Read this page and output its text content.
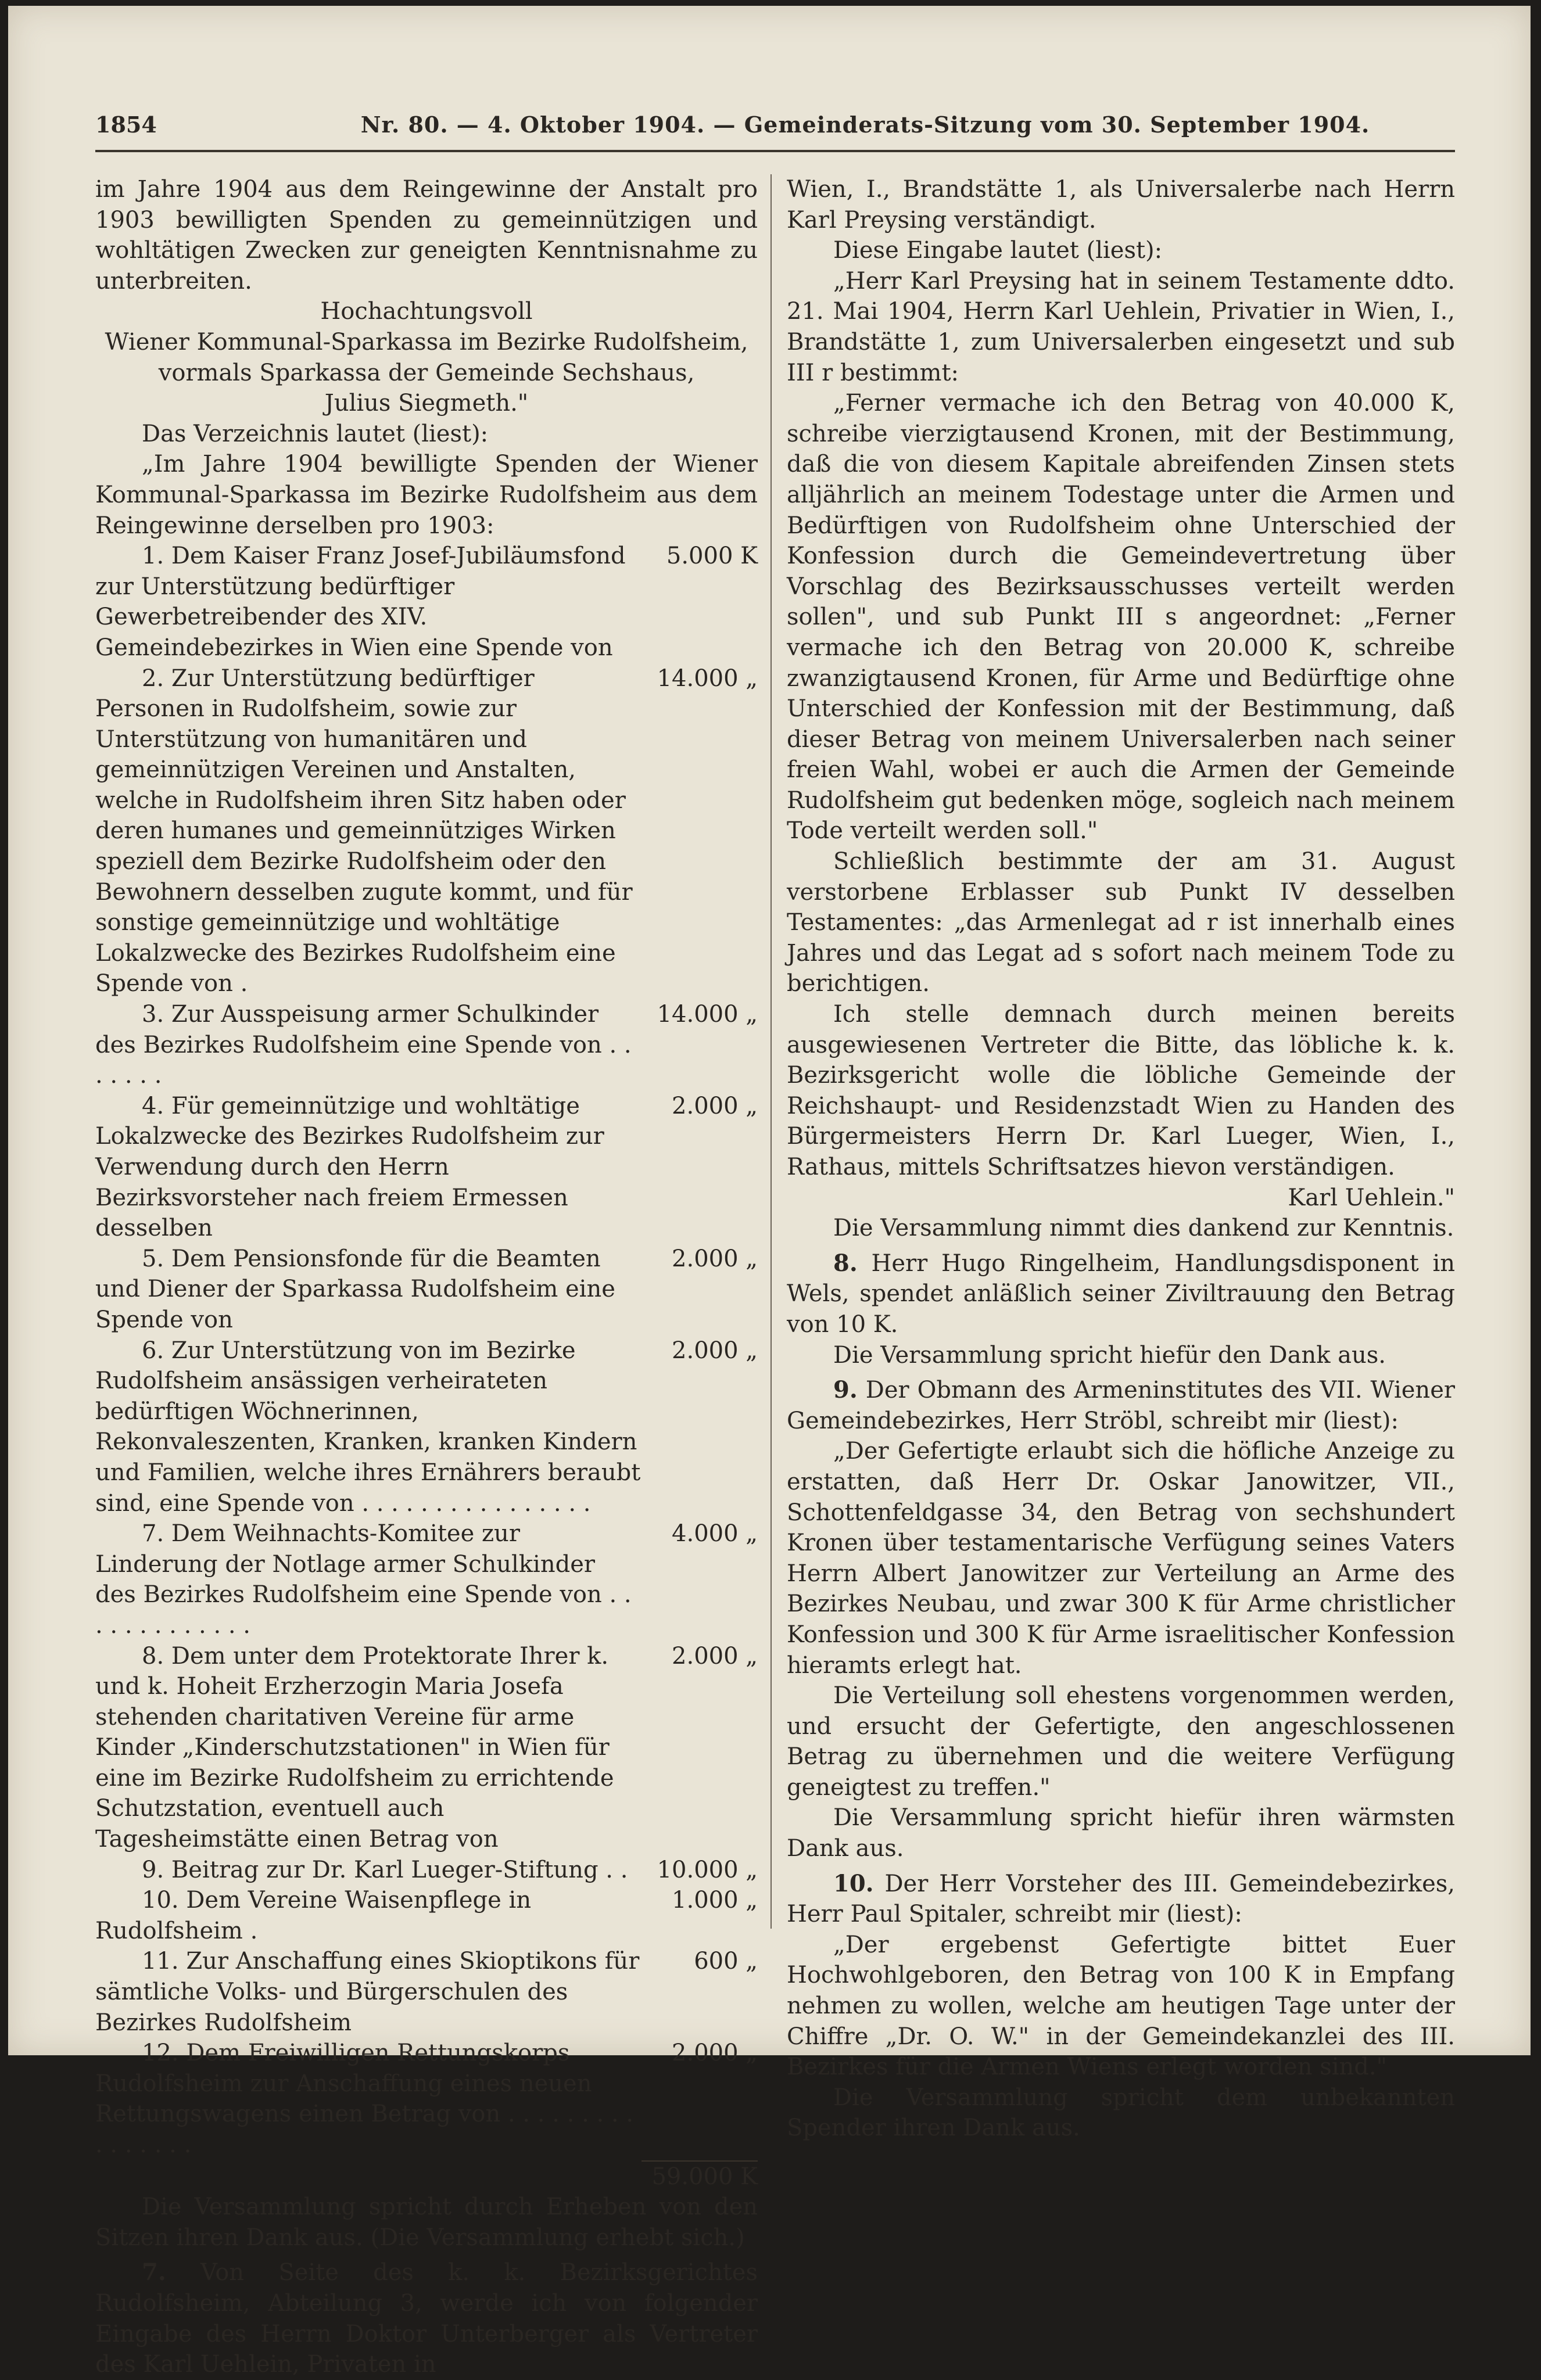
1854	Nr. 80. — 4. Oktober 1904. — Gemeinderats-Sitzung vom 30. September 1904.

im Jahre 1904 aus dem Reingewinne der Anstalt pro 1903 bewilligten Spenden zu gemeinnützigen und wohltätigen Zwecken zur geneigten Kenntnisnahme zu unterbreiten.

Hochachtungsvoll

Wiener Kommunal-Sparkassa im Bezirke Rudolfsheim,

vormals Sparkassa der Gemeinde Sechshaus,

Julius Siegmeth."

Das Verzeichnis lautet (liest):

„Im Jahre 1904 bewilligte Spenden der Wiener Kommunal-Sparkassa im Bezirke Rudolfsheim aus dem Reingewinne derselben pro 1903:

1. Dem Kaiser Franz Josef-Jubiläumsfond zur Unterstützung bedürftiger Gewerbetreibender des XIV. Gemeindebezirkes in Wien eine Spende von

5.000 K

2. Zur Unterstützung bedürftiger Personen in Rudolfsheim, sowie zur Unterstützung von humanitären und gemeinnützigen Vereinen und Anstalten, welche in Rudolfsheim ihren Sitz haben oder deren humanes und gemeinnütziges Wirken speziell dem Bezirke Rudolfsheim oder den Bewohnern desselben zugute kommt, und für sonstige gemeinnützige und wohltätige Lokalzwecke des Bezirkes Rudolfsheim eine Spende von .

14.000 „

3. Zur Ausspeisung armer Schulkinder des Bezirkes Rudolfsheim eine Spende von . . . . . . .

14.000 „

4. Für gemeinnützige und wohltätige Lokalzwecke des Bezirkes Rudolfsheim zur Verwendung durch den Herrn Bezirksvorsteher nach freiem Ermessen desselben

2.000 „

5. Dem Pensionsfonde für die Beamten und Diener der Sparkassa Rudolfsheim eine Spende von

2.000 „

6. Zur Unterstützung von im Bezirke Rudolfsheim ansässigen verheirateten bedürftigen Wöchnerinnen, Rekonvaleszenten, Kranken, kranken Kindern und Familien, welche ihres Ernährers beraubt sind, eine Spende von . . . . . . . . . . . . . . . .

2.000 „

7. Dem Weihnachts-Komitee zur Linderung der Notlage armer Schulkinder des Bezirkes Rudolfsheim eine Spende von . . . . . . . . . . . . .

4.000 „

8. Dem unter dem Protektorate Ihrer k. und k. Hoheit Erzherzogin Maria Josefa stehenden charitativen Vereine für arme Kinder „Kinderschutzstationen" in Wien für eine im Bezirke Rudolfsheim zu errichtende Schutzstation, eventuell auch Tagesheimstätte einen Betrag von

2.000 „

9. Beitrag zur Dr. Karl Lueger-Stiftung . .	10.000 „

10. Dem Vereine Waisenpflege in Rudolfsheim .

1.000 „

11. Zur Anschaffung eines Skioptikons für sämtliche Volks- und Bürgerschulen des Bezirkes Rudolfsheim

600 „

12. Dem Freiwilligen Rettungskorps Rudolfsheim zur Anschaffung eines neuen Rettungswagens einen Betrag von . . . . . . . . . . . . . . . .

2.000 „
59.000 K

Die Versammlung spricht durch Erheben von den Sitzen ihren Dank aus. (Die Versammlung erhebt sich.)

7. Von Seite des k. k. Bezirksgerichtes Rudolfsheim, Abteilung 3, werde ich von folgender Eingabe des Herrn Doktor Unterberger als Vertreter des Karl Uehlein, Privaten in

Wien, I., Brandstätte 1, als Universalerbe nach Herrn Karl Preysing verständigt.

Diese Eingabe lautet (liest):

„Herr Karl Preysing hat in seinem Testamente ddto. 21. Mai 1904, Herrn Karl Uehlein, Privatier in Wien, I., Brandstätte 1, zum Universalerben eingesetzt und sub III r bestimmt:

„Ferner vermache ich den Betrag von 40.000 K, schreibe vierzigtausend Kronen, mit der Bestimmung, daß die von diesem Kapitale abreifenden Zinsen stets alljährlich an meinem Todestage unter die Armen und Bedürftigen von Rudolfsheim ohne Unterschied der Konfession durch die Gemeindevertretung über Vorschlag des Bezirksausschusses verteilt werden sollen", und sub Punkt III s angeordnet: „Ferner vermache ich den Betrag von 20.000 K, schreibe zwanzigtausend Kronen, für Arme und Bedürftige ohne Unterschied der Konfession mit der Bestimmung, daß dieser Betrag von meinem Universalerben nach seiner freien Wahl, wobei er auch die Armen der Gemeinde Rudolfsheim gut bedenken möge, sogleich nach meinem Tode verteilt werden soll."

Schließlich bestimmte der am 31. August verstorbene Erblasser sub Punkt IV desselben Testamentes: „das Armenlegat ad r ist innerhalb eines Jahres und das Legat ad s sofort nach meinem Tode zu berichtigen.

Ich stelle demnach durch meinen bereits ausgewiesenen Vertreter die Bitte, das löbliche k. k. Bezirksgericht wolle die löbliche Gemeinde der Reichshaupt- und Residenzstadt Wien zu Handen des Bürgermeisters Herrn Dr. Karl Lueger, Wien, I., Rathaus, mittels Schriftsatzes hievon verständigen.

Karl Uehlein."

Die Versammlung nimmt dies dankend zur Kenntnis.

8. Herr Hugo Ringelheim, Handlungsdisponent in Wels, spendet anläßlich seiner Ziviltrauung den Betrag von 10 K.

Die Versammlung spricht hiefür den Dank aus.

9. Der Obmann des Armeninstitutes des VII. Wiener Gemeindebezirkes, Herr Ströbl, schreibt mir (liest):

„Der Gefertigte erlaubt sich die höfliche Anzeige zu erstatten, daß Herr Dr. Oskar Janowitzer, VII., Schottenfeldgasse 34, den Betrag von sechshundert Kronen über testamentarische Verfügung seines Vaters Herrn Albert Janowitzer zur Verteilung an Arme des Bezirkes Neubau, und zwar 300 K für Arme christlicher Konfession und 300 K für Arme israelitischer Konfession hieramts erlegt hat.

Die Verteilung soll ehestens vorgenommen werden, und ersucht der Gefertigte, den angeschlossenen Betrag zu übernehmen und die weitere Verfügung geneigtest zu treffen."

Die Versammlung spricht hiefür ihren wärmsten Dank aus.

10. Der Herr Vorsteher des III. Gemeindebezirkes, Herr Paul Spitaler, schreibt mir (liest):

„Der ergebenst Gefertigte bittet Euer Hochwohlgeboren, den Betrag von 100 K in Empfang nehmen zu wollen, welche am heutigen Tage unter der Chiffre „Dr. O. W." in der Gemeindekanzlei des III. Bezirkes für die Armen Wiens erlegt worden sind."

Die Versammlung spricht dem unbekannten Spender ihren Dank aus.
